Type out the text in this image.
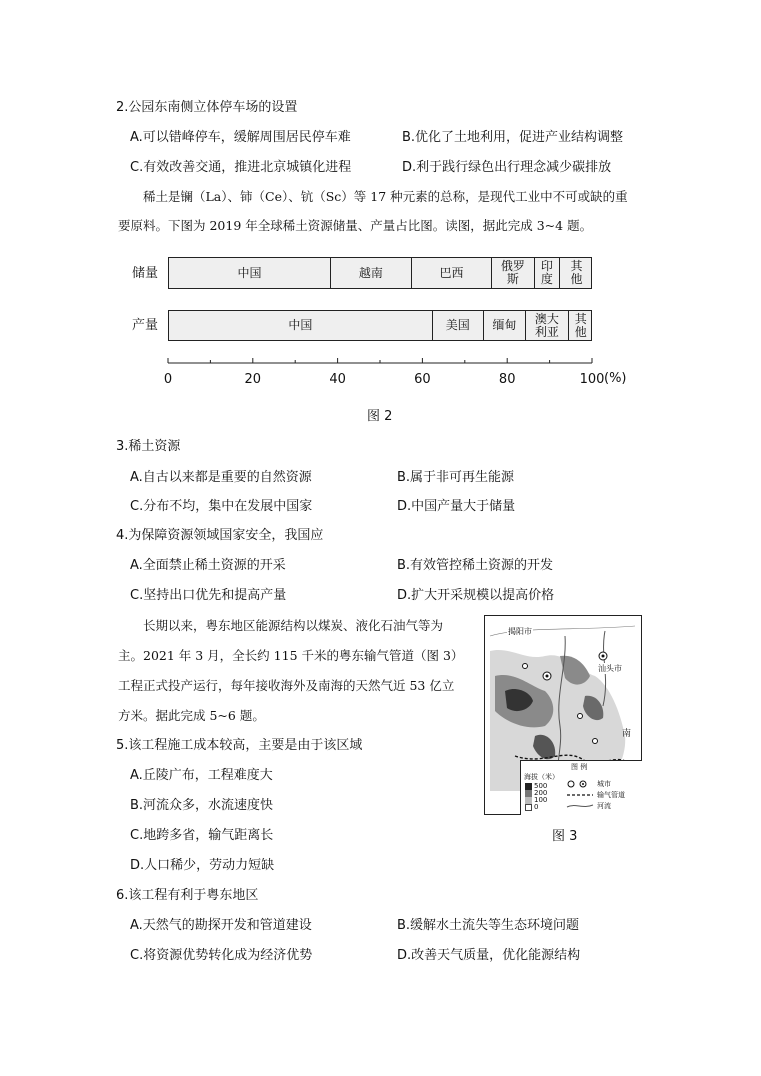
2.公园东南侧立体停车场的设置
A.可以错峰停车，缓解周围居民停车难	B.优化了土地利用，促进产业结构调整
C.有效改善交通，推进北京城镇化进程	D.利于践行绿色出行理念减少碳排放
稀土是镧（La）、铈（Ce）、钪（Sc）等 17 种元素的总称，是现代工业中不可或缺的重
要原料。下图为 2019 年全球稀土资源储量、产量占比图。读图，据此完成 3~4 题。
储量
产量
中国	越南	巴西	俄罗斯
印度
其他
中国	美国 缅甸 澳大利亚
其他
0	20	40	60	80	100 (%)
图 2
3.稀土资源
A.自古以来都是重要的自然资源	B.属于非可再生能源
C.分布不均，集中在发展中国家	D.中国产量大于储量
4.为保障资源领域国家安全，我国应
A.全面禁止稀土资源的开采	B.有效管控稀土资源的开发
C.坚持出口优先和提高产量	D.扩大开采规模以提高价格
长期以来，粤东地区能源结构以煤炭、液化石油气等为
主。2021 年 3 月，全长约 115 千米的粤东输气管道（图 3）
工程正式投产运行，每年接收海外及南海的天然气近 53 亿立
方米。据此完成 5~6 题。
揭阳市
汕头市
南
图 例
海拔（米）
500
200
100
0
城市
输气管道
河流
图 3
5.该工程施工成本较高，主要是由于该区域
A.丘陵广布，工程难度大
B.河流众多，水流速度快
C.地跨多省，输气距离长
D.人口稀少，劳动力短缺
6.该工程有利于粤东地区
A.天然气的勘探开发和管道建设	B.缓解水土流失等生态环境问题
C.将资源优势转化成为经济优势	D.改善天气质量，优化能源结构
